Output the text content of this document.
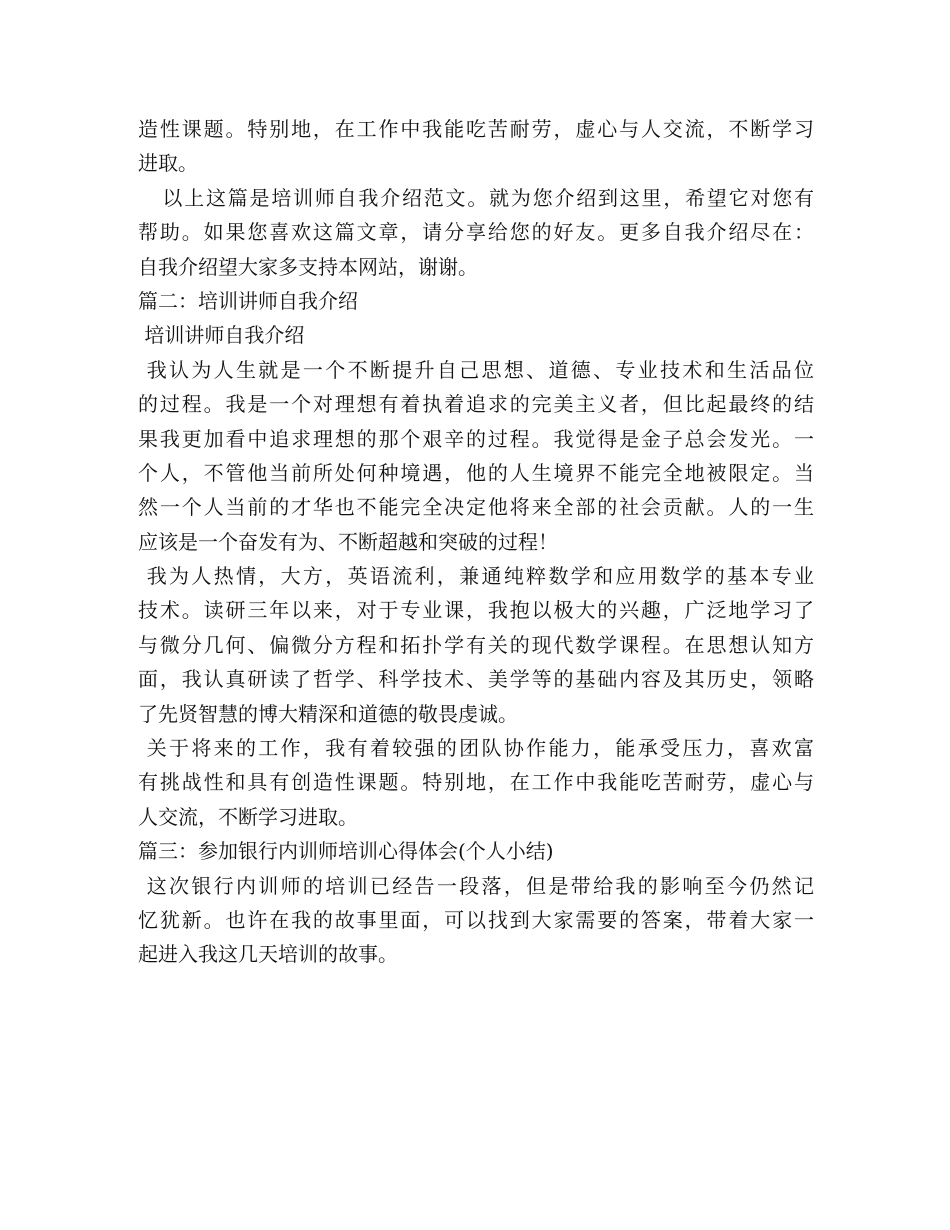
造性课题。特别地，在工作中我能吃苦耐劳，虚心与人交流，不断学习
进取。
以上这篇是培训师自我介绍范文。就为您介绍到这里，希望它对您有
帮助。如果您喜欢这篇文章，请分享给您的好友。更多自我介绍尽在：
自我介绍望大家多支持本网站，谢谢。
篇二：培训讲师自我介绍
培训讲师自我介绍
我认为人生就是一个不断提升自己思想、道德、专业技术和生活品位
的过程。我是一个对理想有着执着追求的完美主义者，但比起最终的结
果我更加看中追求理想的那个艰辛的过程。我觉得是金子总会发光。一
个人，不管他当前所处何种境遇，他的人生境界不能完全地被限定。当
然一个人当前的才华也不能完全决定他将来全部的社会贡献。人的一生
应该是一个奋发有为、不断超越和突破的过程！
我为人热情，大方，英语流利，兼通纯粹数学和应用数学的基本专业
技术。读研三年以来，对于专业课，我抱以极大的兴趣，广泛地学习了
与微分几何、偏微分方程和拓扑学有关的现代数学课程。在思想认知方
面，我认真研读了哲学、科学技术、美学等的基础内容及其历史，领略
了先贤智慧的博大精深和道德的敬畏虔诚。
关于将来的工作，我有着较强的团队协作能力，能承受压力，喜欢富
有挑战性和具有创造性课题。特别地，在工作中我能吃苦耐劳，虚心与
人交流，不断学习进取。
篇三：参加银行内训师培训心得体会(个人小结)
这次银行内训师的培训已经告一段落，但是带给我的影响至今仍然记
忆犹新。也许在我的故事里面，可以找到大家需要的答案，带着大家一
起进入我这几天培训的故事。
